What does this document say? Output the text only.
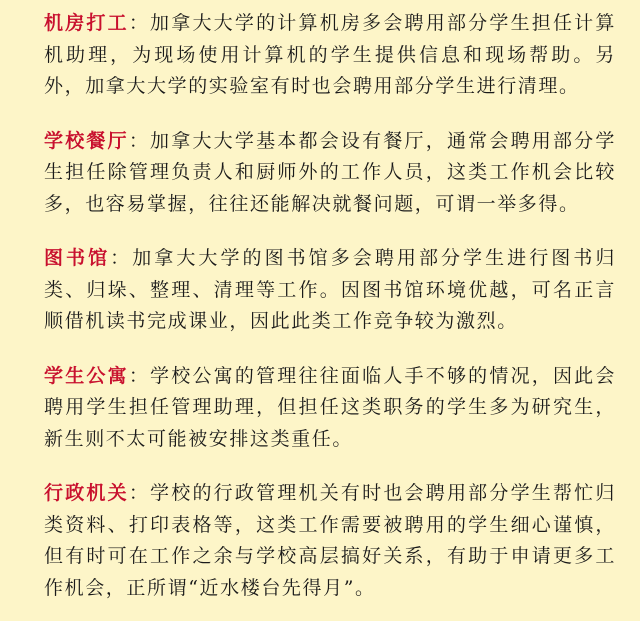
机房打工：加拿大大学的计算机房多会聘用部分学生担任计算机助理，为现场使用计算机的学生提供信息和现场帮助。另外，加拿大大学的实验室有时也会聘用部分学生进行清理。

学校餐厅：加拿大大学基本都会设有餐厅，通常会聘用部分学生担任除管理负责人和厨师外的工作人员，这类工作机会比较多，也容易掌握，往往还能解决就餐问题，可谓一举多得。

图书馆：加拿大大学的图书馆多会聘用部分学生进行图书归类、归垛、整理、清理等工作。因图书馆环境优越，可名正言顺借机读书完成课业，因此此类工作竞争较为激烈。

学生公寓：学校公寓的管理往往面临人手不够的情况，因此会聘用学生担任管理助理，但担任这类职务的学生多为研究生，新生则不太可能被安排这类重任。

行政机关：学校的行政管理机关有时也会聘用部分学生帮忙归类资料、打印表格等，这类工作需要被聘用的学生细心谨慎，但有时可在工作之余与学校高层搞好关系，有助于申请更多工作机会，正所谓“近水楼台先得月”。
